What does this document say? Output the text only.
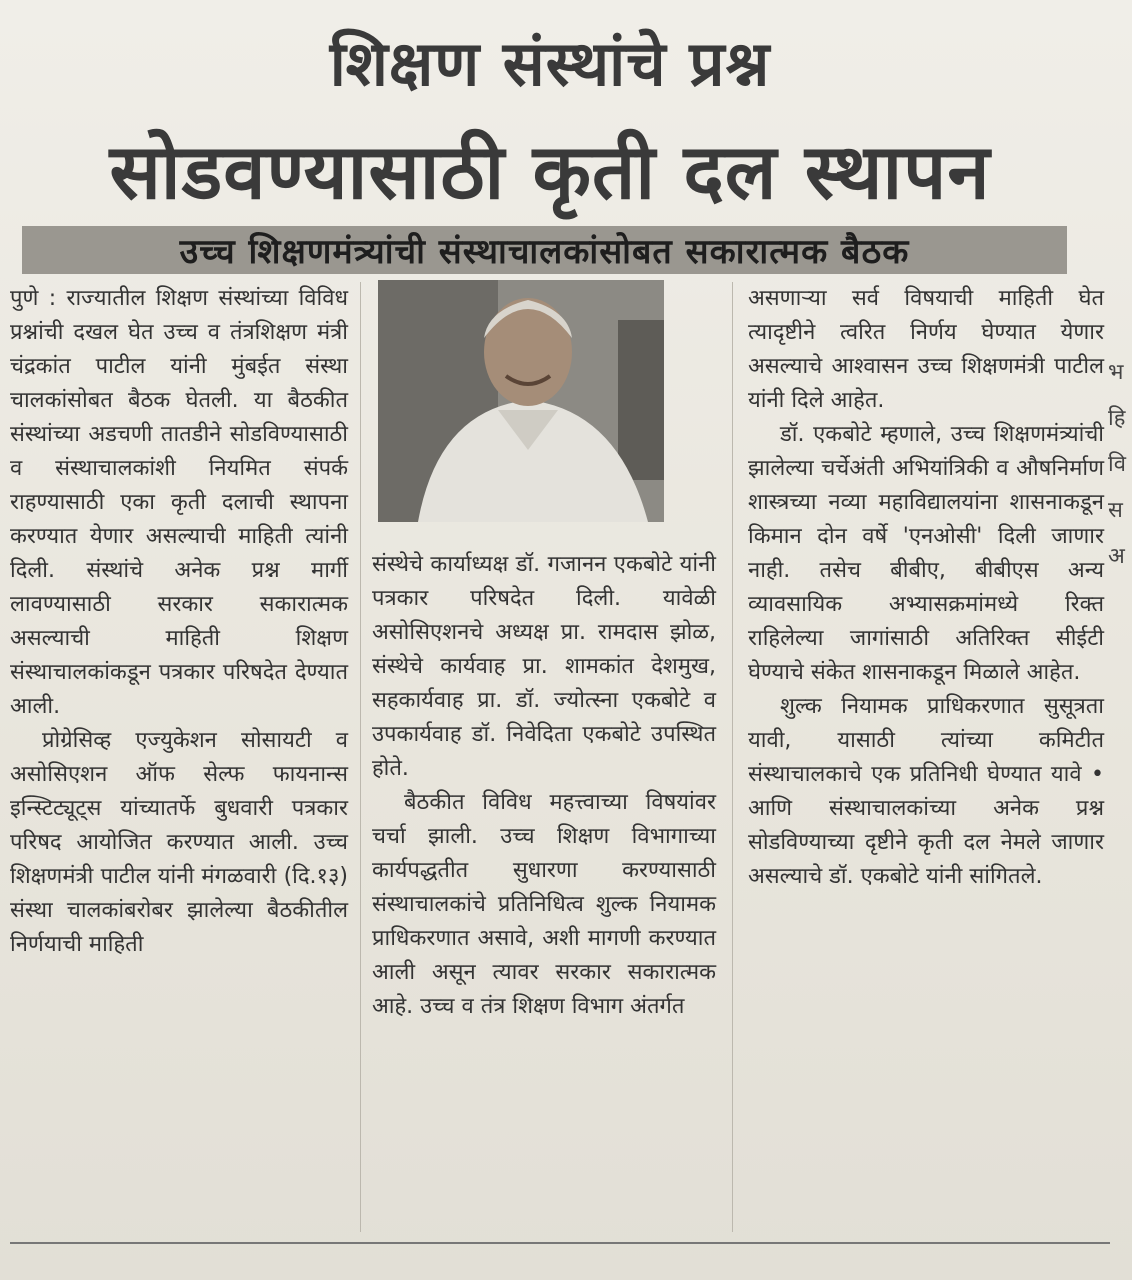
शिक्षण संस्थांचे प्रश्न
सोडवण्यासाठी कृती दल स्थापन
उच्च शिक्षणमंत्र्यांची संस्थाचालकांसोबत सकारात्मक बैठक

पुणे : राज्यातील शिक्षण संस्थांच्या विविध प्रश्नांची दखल घेत उच्च व तंत्रशिक्षण मंत्री चंद्रकांत पाटील यांनी मुंबईत संस्था चालकांसोबत बैठक घेतली. या बैठकीत संस्थांच्या अडचणी तातडीने सोडविण्यासाठी व संस्थाचालकांशी नियमित संपर्क राहण्यासाठी एका कृती दलाची स्थापना करण्यात येणार असल्याची माहिती त्यांनी दिली. संस्थांचे अनेक प्रश्न मार्गी लावण्यासाठी सरकार सकारात्मक असल्याची माहिती शिक्षण संस्थाचालकांकडून पत्रकार परिषदेत देण्यात आली.

प्रोग्रेसिव्ह एज्युकेशन सोसायटी व असोसिएशन ऑफ सेल्फ फायनान्स इन्स्टिट्यूट्स यांच्यातर्फे बुधवारी पत्रकार परिषद आयोजित करण्यात आली. उच्च शिक्षणमंत्री पाटील यांनी मंगळवारी (दि.१३) संस्था चालकांबरोबर झालेल्या बैठकीतील निर्णयाची माहिती

संस्थेचे कार्याध्यक्ष डॉ. गजानन एकबोटे यांनी पत्रकार परिषदेत दिली. यावेळी असोसिएशनचे अध्यक्ष प्रा. रामदास झोळ, संस्थेचे कार्यवाह प्रा. शामकांत देशमुख, सहकार्यवाह प्रा. डॉ. ज्योत्स्ना एकबोटे व उपकार्यवाह डॉ. निवेदिता एकबोटे उपस्थित होते.

बैठकीत विविध महत्त्वाच्या विषयांवर चर्चा झाली. उच्च शिक्षण विभागाच्या कार्यपद्धतीत सुधारणा करण्यासाठी संस्थाचालकांचे प्रतिनिधित्व शुल्क नियामक प्राधिकरणात असावे, अशी मागणी करण्यात आली असून त्यावर सरकार सकारात्मक आहे. उच्च व तंत्र शिक्षण विभाग अंतर्गत

असणाऱ्या सर्व विषयाची माहिती घेत त्यादृष्टीने त्वरित निर्णय घेण्यात येणार असल्याचे आश्वासन उच्च शिक्षणमंत्री पाटील यांनी दिले आहेत.

डॉ. एकबोटे म्हणाले, उच्च शिक्षणमंत्र्यांची झालेल्या चर्चेअंती अभियांत्रिकी व औषनिर्माण शास्त्रच्या नव्या महाविद्यालयांना शासनाकडून किमान दोन वर्षे 'एनओसी' दिली जाणार नाही. तसेच बीबीए, बीबीएस अन्य व्यावसायिक अभ्यासक्रमांमध्ये रिक्त राहिलेल्या जागांसाठी अतिरिक्त सीईटी घेण्याचे संकेत शासनाकडून मिळाले आहेत.

शुल्क नियामक प्राधिकरणात सुसूत्रता यावी, यासाठी त्यांच्या कमिटीत संस्थाचालकाचे एक प्रतिनिधी घेण्यात यावे • आणि संस्थाचालकांच्या अनेक प्रश्न सोडविण्याच्या दृष्टीने कृती दल नेमले जाणार असल्याचे डॉ. एकबोटे यांनी सांगितले.

भ
हि
वि
स
अ
